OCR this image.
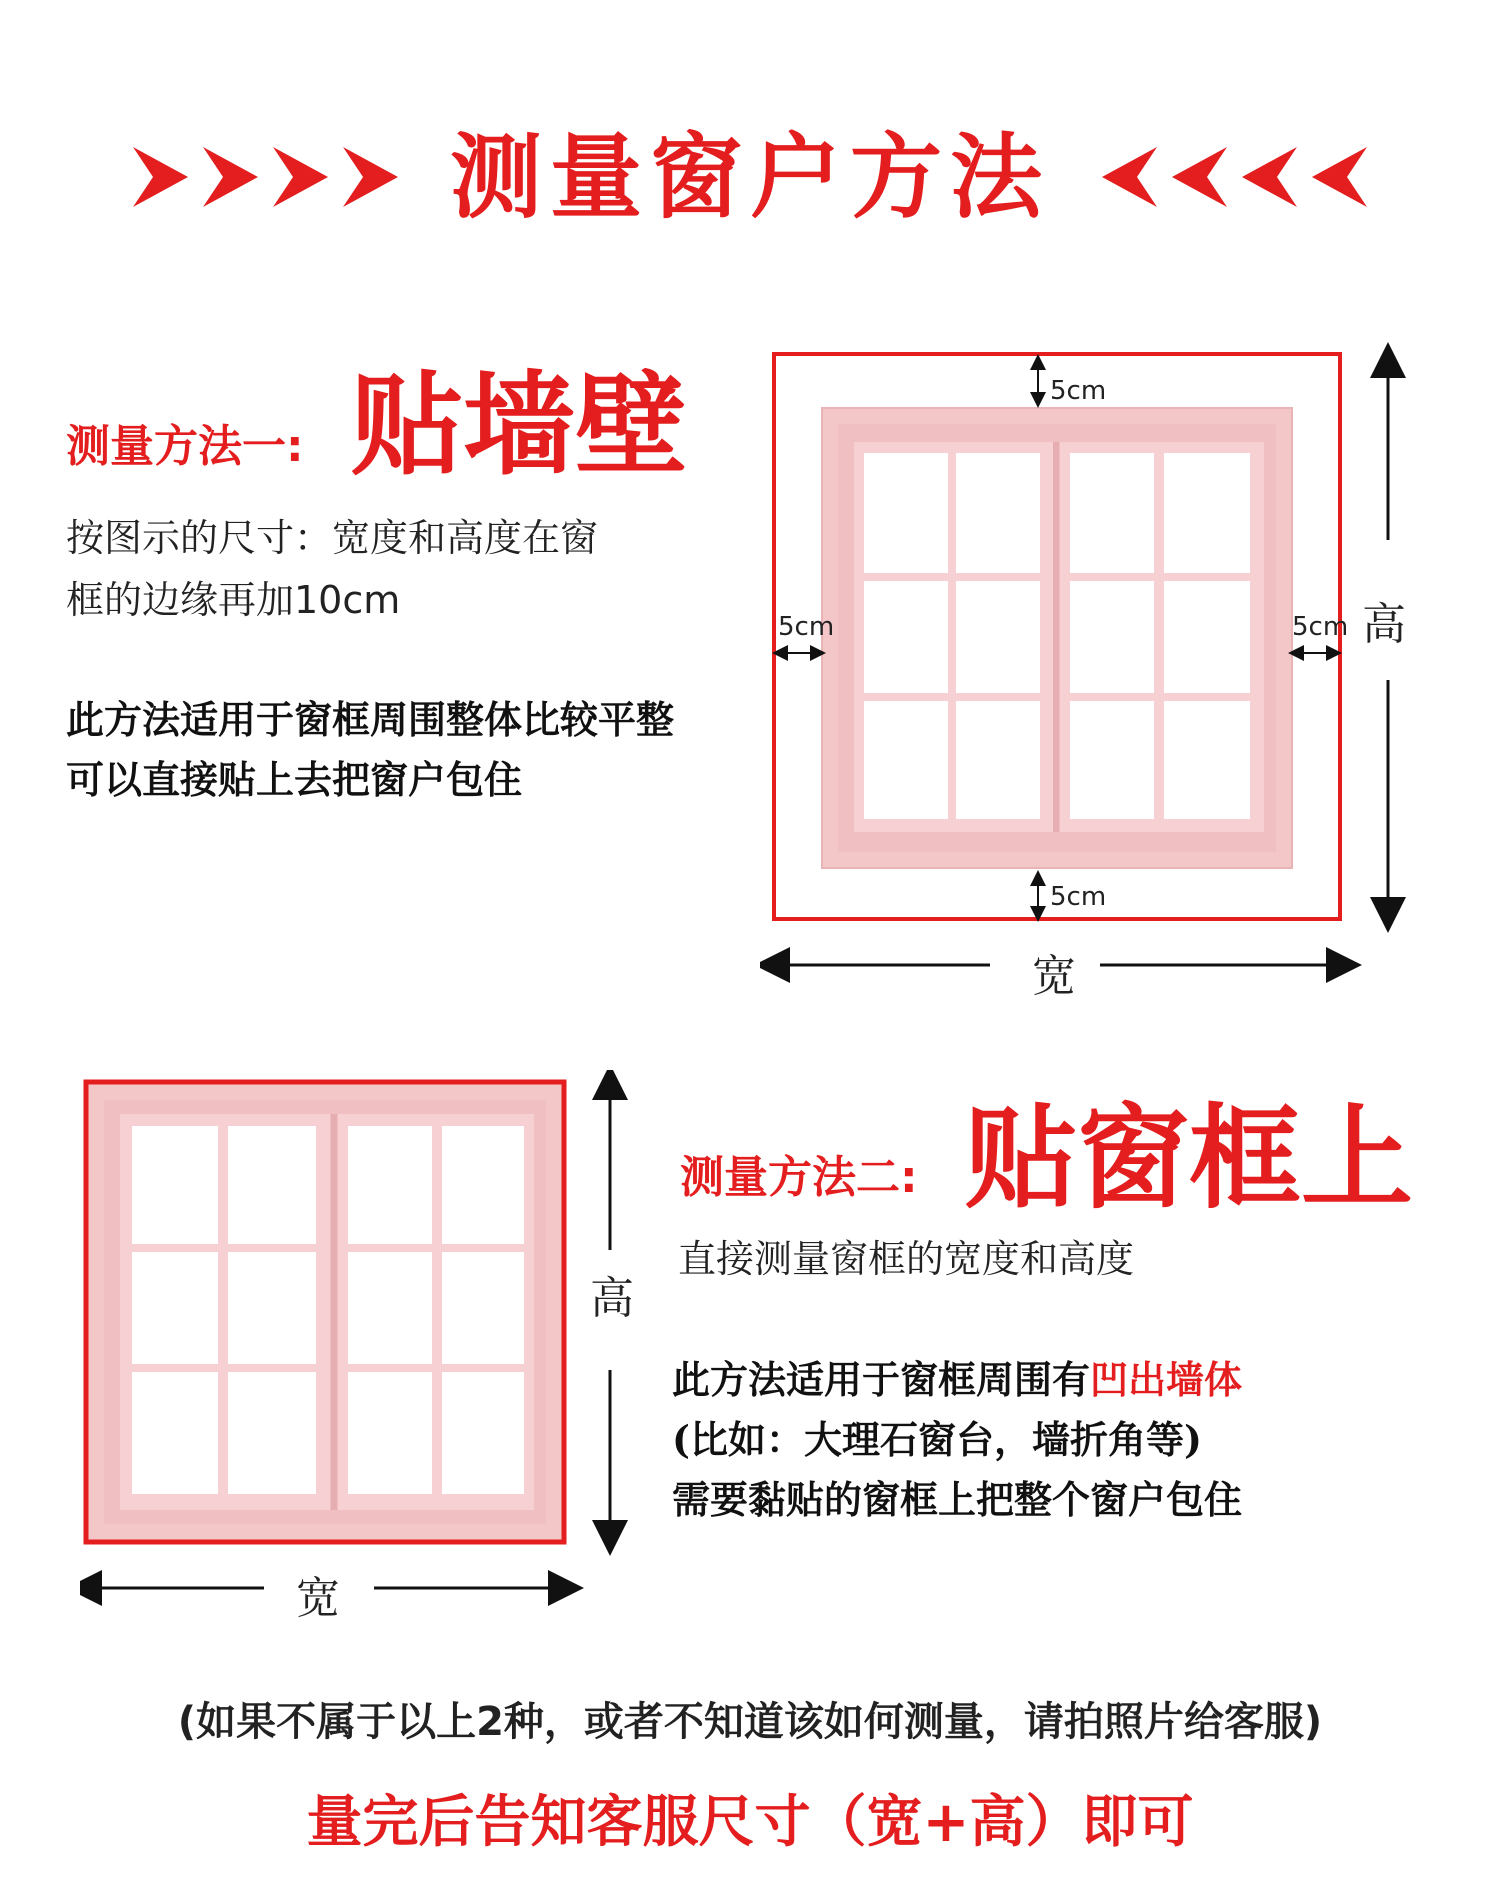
测量窗户方法
测量方法一: 贴墙壁
按图示的尺寸：宽度和高度在窗
框的边缘再加10cm
此方法适用于窗框周围整体比较平整
可以直接贴上去把窗户包住
5cm
5cm
5cm	5cm 高
宽
高
宽
测量方法二: 贴窗框上
直接测量窗框的宽度和高度
此方法适用于窗框周围有凹出墙体
(比如：大理石窗台，墙折角等)
需要黏贴的窗框上把整个窗户包住
(如果不属于以上2种，或者不知道该如何测量，请拍照片给客服)
量完后告知客服尺寸（宽+高）即可
